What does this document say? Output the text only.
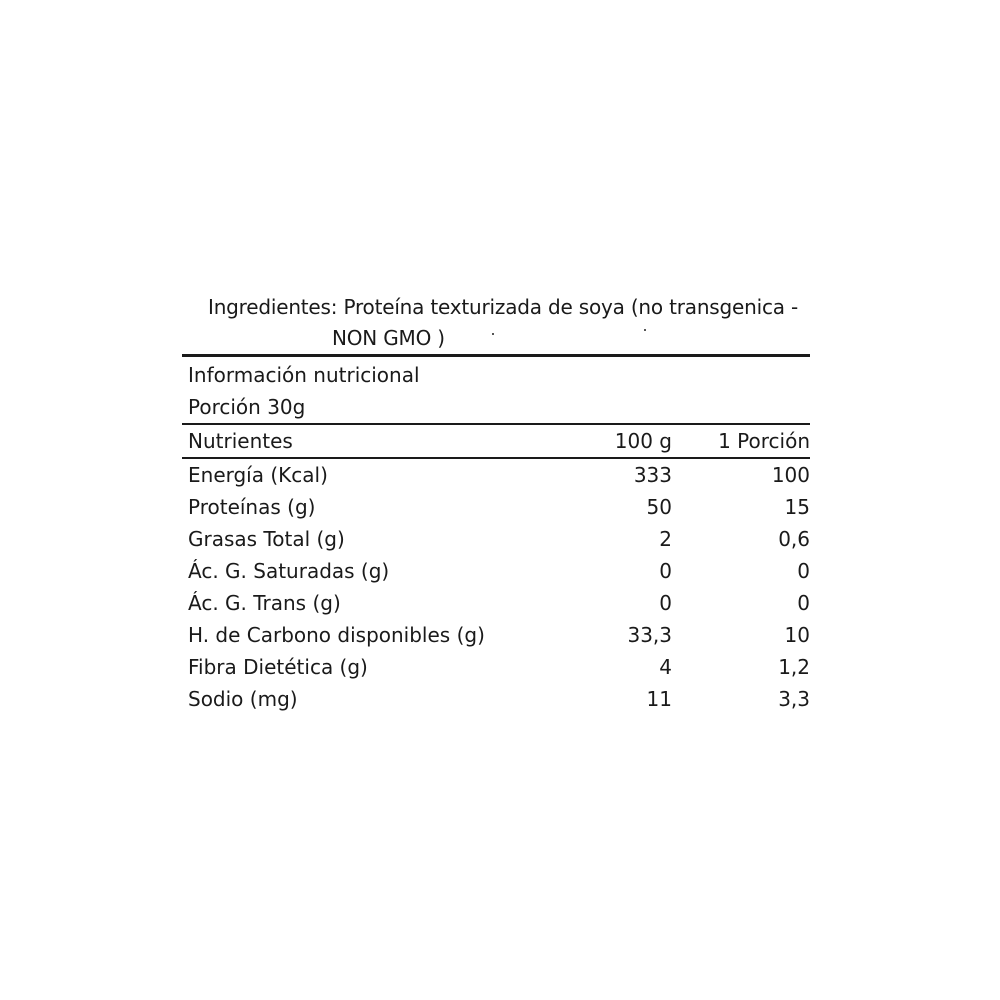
Ingredientes: Proteína texturizada de soya (no transgenica -
NON GMO )
Información nutricional
Porción 30g
Nutrientes	100 g	1 Porción
Energía (Kcal)	333	100
Proteínas (g)	50	15
Grasas Total (g)	2	0,6
Ác. G. Saturadas (g)	0	0
Ác. G. Trans (g)	0	0
H. de Carbono disponibles (g)	33,3	10
Fibra Dietética (g)	4	1,2
Sodio (mg)	11	3,3
